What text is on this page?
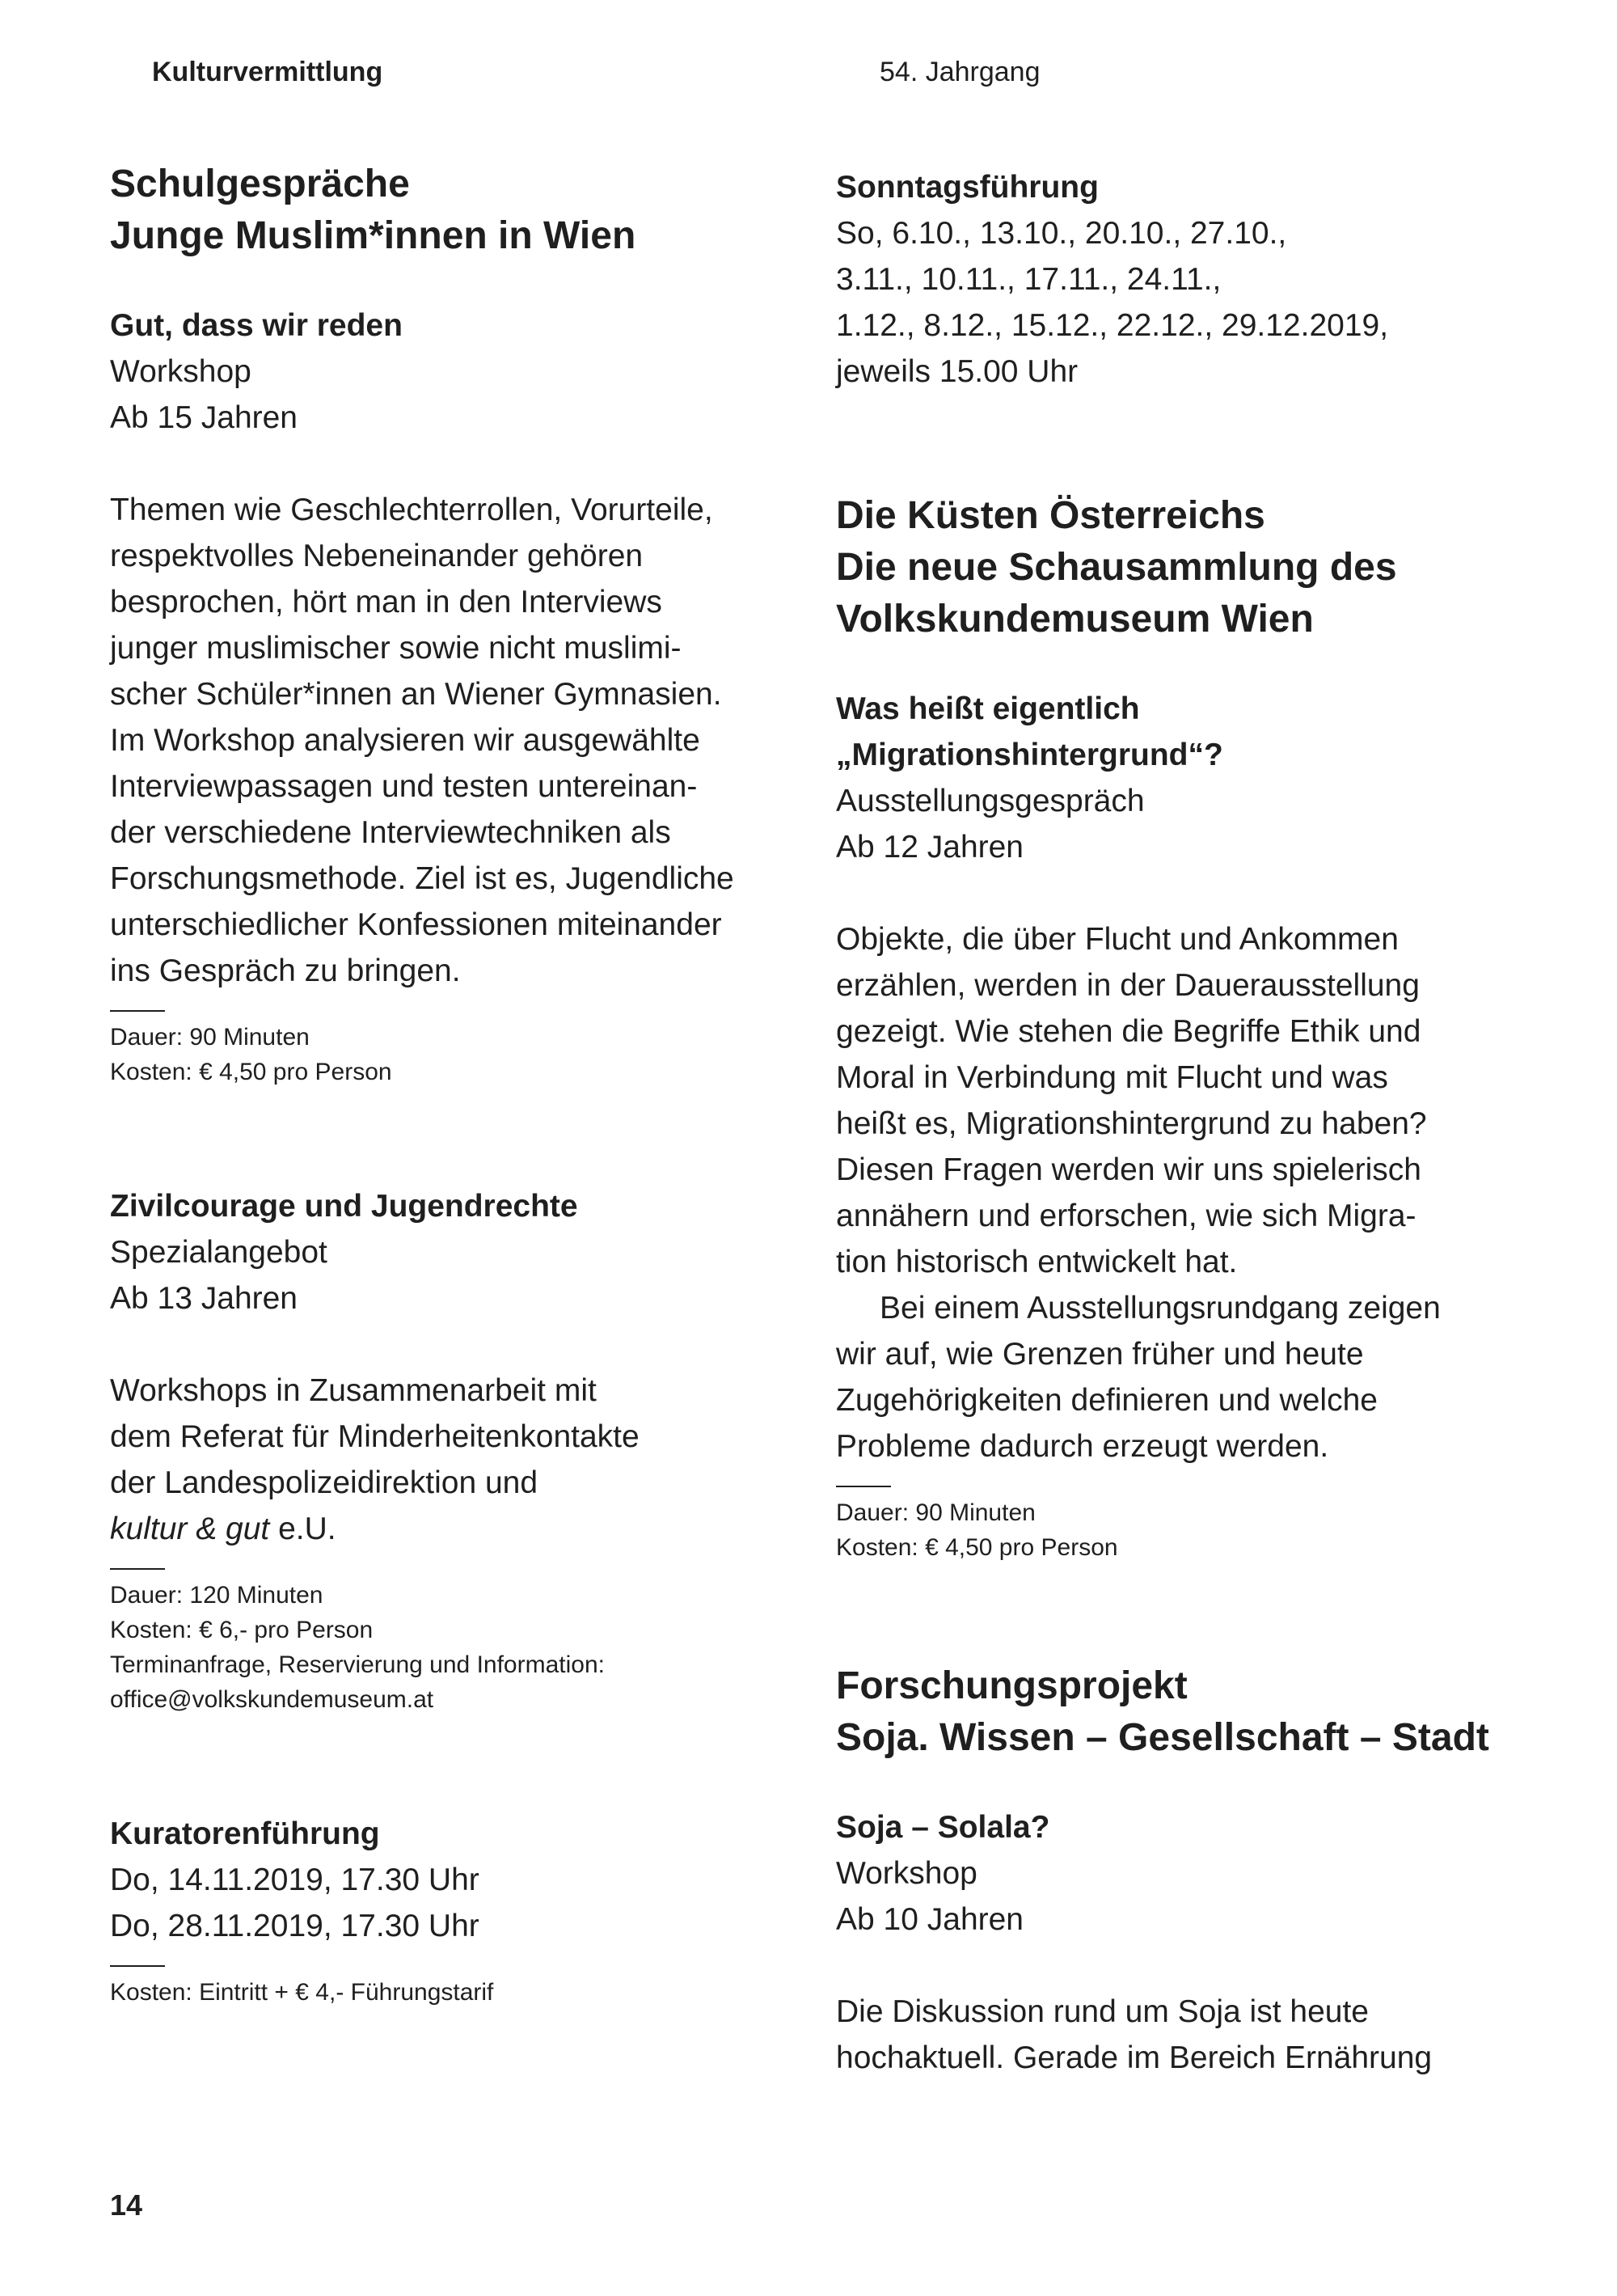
Kulturvermittlung	54. Jahrgang
Schulgespräche
Junge Muslim*innen in Wien
Gut, dass wir reden
Workshop
Ab 15 Jahren
Themen wie Geschlechterrollen, Vorurteile,
respektvolles Nebeneinander gehören
besprochen, hört man in den Interviews
junger muslimischer sowie nicht muslimi-
scher Schüler*innen an Wiener Gymnasien.
Im Workshop analysieren wir ausgewählte
Interviewpassagen und testen untereinan-
der verschiedene Interviewtechniken als
Forschungsmethode. Ziel ist es, Jugendliche
unterschiedlicher Konfessionen miteinander
ins Gespräch zu bringen.
Dauer: 90 Minuten
Kosten: € 4,50 pro Person
Zivilcourage und Jugendrechte
Spezialangebot
Ab 13 Jahren
Workshops in Zusammenarbeit mit
dem Referat für Minderheitenkontakte
der Landespolizeidirektion und
kultur & gut e.U.
Dauer: 120 Minuten
Kosten: € 6,- pro Person
Terminanfrage, Reservierung und Information:
office@volkskundemuseum.at
Kuratorenführung
Do, 14.11.2019, 17.30 Uhr
Do, 28.11.2019, 17.30 Uhr
Kosten: Eintritt + € 4,- Führungstarif
Sonntagsführung
So, 6.10., 13.10., 20.10., 27.10.,
3.11., 10.11., 17.11., 24.11.,
1.12., 8.12., 15.12., 22.12., 29.12.2019,
jeweils 15.00 Uhr
Die Küsten Österreichs
Die neue Schausammlung des
Volkskundemuseum Wien
Was heißt eigentlich
„Migrationshintergrund“?
Ausstellungsgespräch
Ab 12 Jahren
Objekte, die über Flucht und Ankommen
erzählen, werden in der Dauerausstellung
gezeigt. Wie stehen die Begriffe Ethik und
Moral in Verbindung mit Flucht und was
heißt es, Migrationshintergrund zu haben?
Diesen Fragen werden wir uns spielerisch
annähern und erforschen, wie sich Migra-
tion historisch entwickelt hat.
Bei einem Ausstellungsrundgang zeigen
wir auf, wie Grenzen früher und heute
Zugehörigkeiten definieren und welche
Probleme dadurch erzeugt werden.
Dauer: 90 Minuten
Kosten: € 4,50 pro Person
Forschungsprojekt
Soja. Wissen – Gesellschaft – Stadt
Soja – Solala?
Workshop
Ab 10 Jahren
Die Diskussion rund um Soja ist heute
hochaktuell. Gerade im Bereich Ernährung
14
